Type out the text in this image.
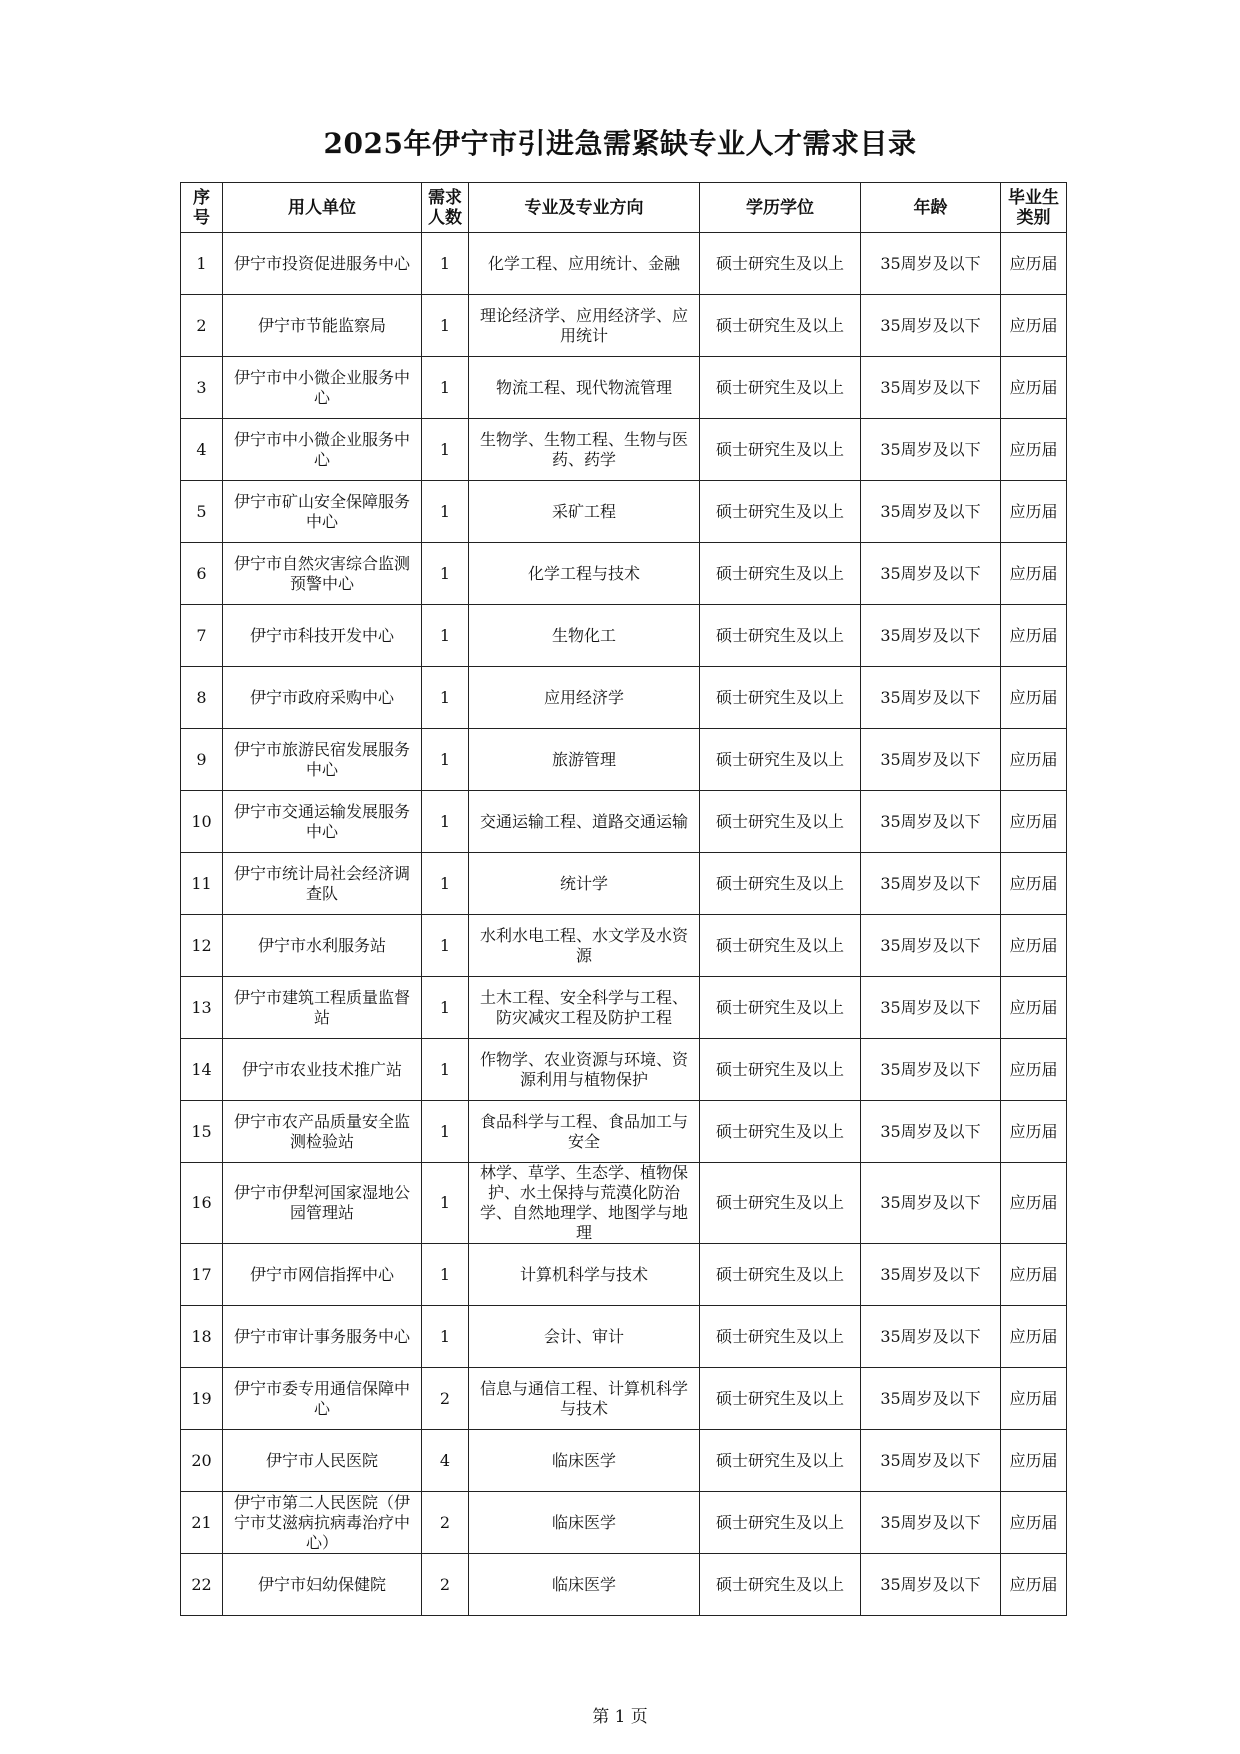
2025年伊宁市引进急需紧缺专业人才需求目录
序号	用人单位	需求人数	专业及专业方向	学历学位	年龄	毕业生类别
1	伊宁市投资促进服务中心	1	化学工程、应用统计、金融	硕士研究生及以上	35周岁及以下	应历届
2	伊宁市节能监察局	1	理论经济学、应用经济学、应用统计	硕士研究生及以上	35周岁及以下	应历届
3	伊宁市中小微企业服务中心	1	物流工程、现代物流管理	硕士研究生及以上	35周岁及以下	应历届
4	伊宁市中小微企业服务中心	1	生物学、生物工程、生物与医药、药学	硕士研究生及以上	35周岁及以下	应历届
5	伊宁市矿山安全保障服务中心	1	采矿工程	硕士研究生及以上	35周岁及以下	应历届
6	伊宁市自然灾害综合监测预警中心	1	化学工程与技术	硕士研究生及以上	35周岁及以下	应历届
7	伊宁市科技开发中心	1	生物化工	硕士研究生及以上	35周岁及以下	应历届
8	伊宁市政府采购中心	1	应用经济学	硕士研究生及以上	35周岁及以下	应历届
9	伊宁市旅游民宿发展服务中心	1	旅游管理	硕士研究生及以上	35周岁及以下	应历届
10	伊宁市交通运输发展服务中心	1	交通运输工程、道路交通运输	硕士研究生及以上	35周岁及以下	应历届
11	伊宁市统计局社会经济调查队	1	统计学	硕士研究生及以上	35周岁及以下	应历届
12	伊宁市水利服务站	1	水利水电工程、水文学及水资源	硕士研究生及以上	35周岁及以下	应历届
13	伊宁市建筑工程质量监督站	1	土木工程、安全科学与工程、防灾减灾工程及防护工程	硕士研究生及以上	35周岁及以下	应历届
14	伊宁市农业技术推广站	1	作物学、农业资源与环境、资源利用与植物保护	硕士研究生及以上	35周岁及以下	应历届
15	伊宁市农产品质量安全监测检验站	1	食品科学与工程、食品加工与安全	硕士研究生及以上	35周岁及以下	应历届
16	伊宁市伊犁河国家湿地公园管理站	1	林学、草学、生态学、植物保护、水土保持与荒漠化防治学、自然地理学、地图学与地理	硕士研究生及以上	35周岁及以下	应历届
17	伊宁市网信指挥中心	1	计算机科学与技术	硕士研究生及以上	35周岁及以下	应历届
18	伊宁市审计事务服务中心	1	会计、审计	硕士研究生及以上	35周岁及以下	应历届
19	伊宁市委专用通信保障中心	2	信息与通信工程、计算机科学与技术	硕士研究生及以上	35周岁及以下	应历届
20	伊宁市人民医院	4	临床医学	硕士研究生及以上	35周岁及以下	应历届
21	伊宁市第二人民医院（伊宁市艾滋病抗病毒治疗中心）	2	临床医学	硕士研究生及以上	35周岁及以下	应历届
22	伊宁市妇幼保健院	2	临床医学	硕士研究生及以上	35周岁及以下	应历届
第 1 页
